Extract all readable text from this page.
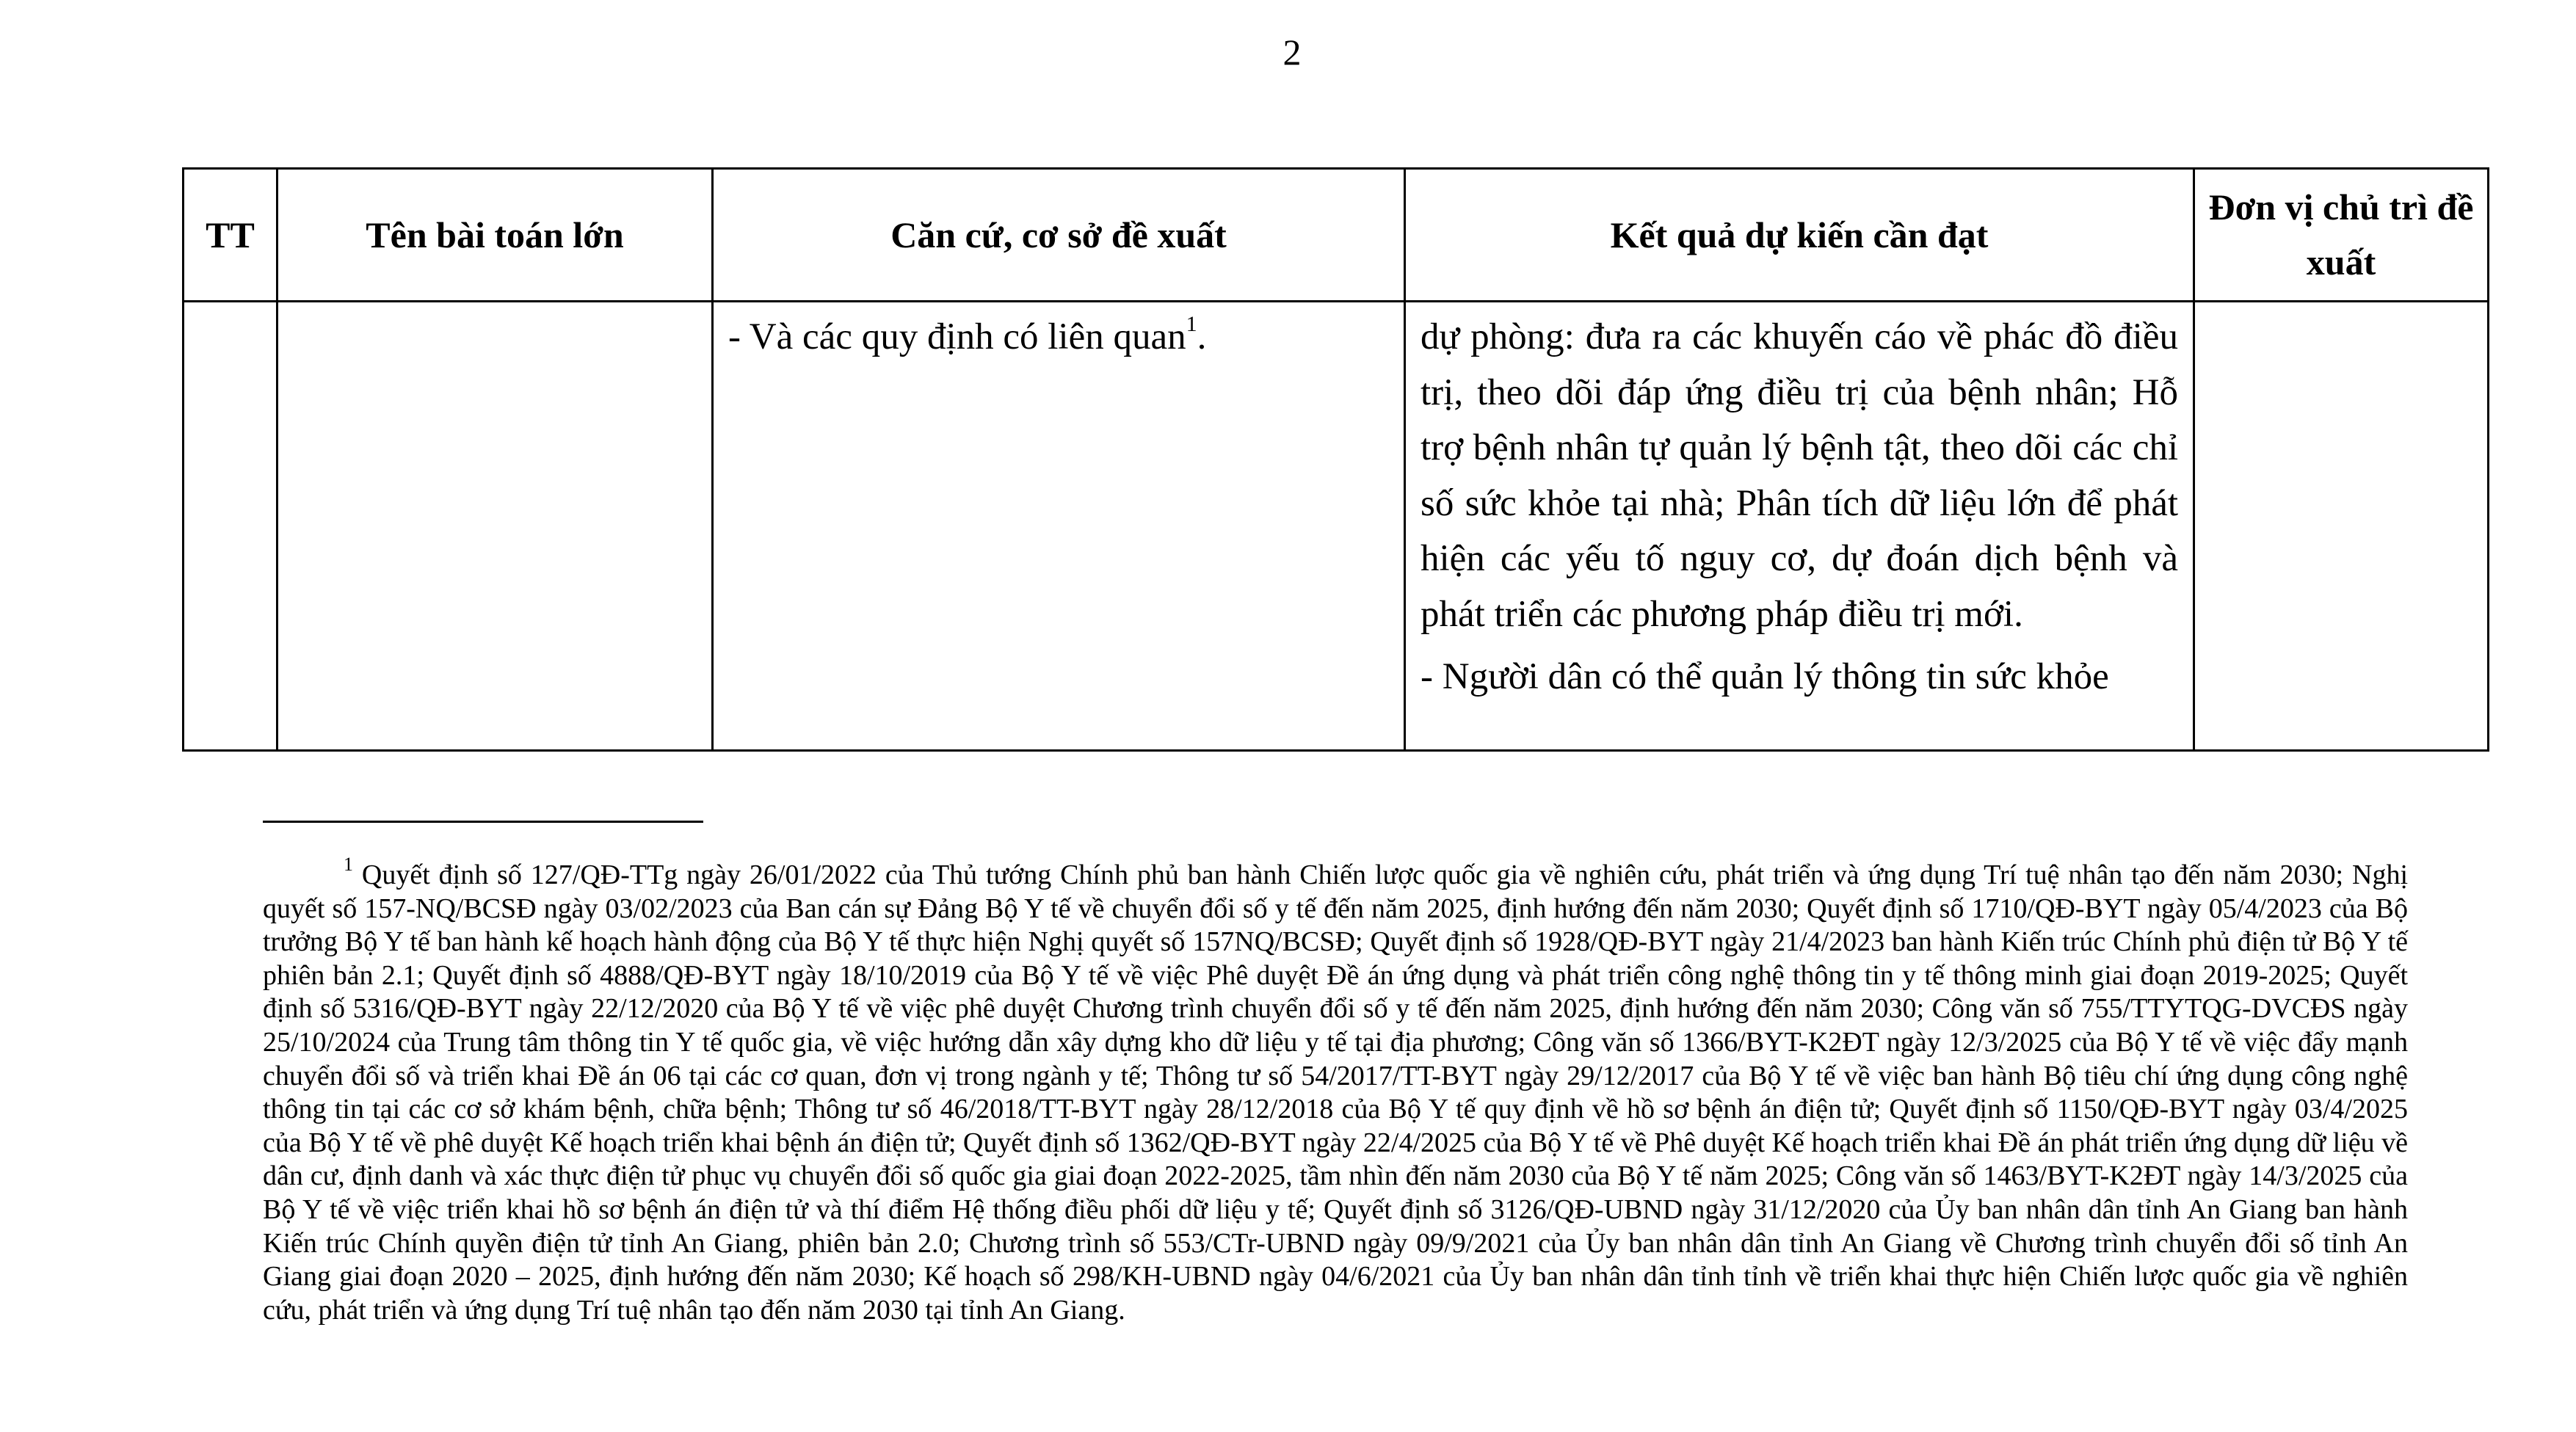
2
TT	Tên bài toán lớn	Căn cứ, cơ sở đề xuất	Kết quả dự kiến cần đạt	Đơn vị chủ trì đề xuất

		- Và các quy định có liên quan$^1$.	dự phòng: đưa ra các khuyến cáo về phác đồ điều trị, theo dõi đáp ứng điều trị của bệnh nhân; Hỗ trợ bệnh nhân tự quản lý bệnh tật, theo dõi các chỉ số sức khỏe tại nhà; Phân tích dữ liệu lớn để phát hiện các yếu tố nguy cơ, dự đoán dịch bệnh và phát triển các phương pháp điều trị mới.

- Người dân có thể quản lý thông tin sức khỏe	

$^1$ Quyết định số 127/QĐ-TTg ngày 26/01/2022 của Thủ tướng Chính phủ ban hành Chiến lược quốc gia về nghiên cứu, phát triển và ứng dụng Trí tuệ nhân tạo đến năm 2030; Nghị quyết số 157-NQ/BCSĐ ngày 03/02/2023 của Ban cán sự Đảng Bộ Y tế về chuyển đổi số y tế đến năm 2025, định hướng đến năm 2030; Quyết định số 1710/QĐ-BYT ngày 05/4/2023 của Bộ trưởng Bộ Y tế ban hành kế hoạch hành động của Bộ Y tế thực hiện Nghị quyết số 157NQ/BCSĐ; Quyết định số 1928/QĐ-BYT ngày 21/4/2023 ban hành Kiến trúc Chính phủ điện tử Bộ Y tế phiên bản 2.1; Quyết định số 4888/QĐ-BYT ngày 18/10/2019 của Bộ Y tế về việc Phê duyệt Đề án ứng dụng và phát triển công nghệ thông tin y tế thông minh giai đoạn 2019-2025; Quyết định số 5316/QĐ-BYT ngày 22/12/2020 của Bộ Y tế về việc phê duyệt Chương trình chuyển đổi số y tế đến năm 2025, định hướng đến năm 2030; Công văn số 755/TTYTQG-DVCĐS ngày 25/10/2024 của Trung tâm thông tin Y tế quốc gia, về việc hướng dẫn xây dựng kho dữ liệu y tế tại địa phương; Công văn số 1366/BYT-K2ĐT ngày 12/3/2025 của Bộ Y tế về việc đẩy mạnh chuyển đổi số và triển khai Đề án 06 tại các cơ quan, đơn vị trong ngành y tế; Thông tư số 54/2017/TT-BYT ngày 29/12/2017 của Bộ Y tế về việc ban hành Bộ tiêu chí ứng dụng công nghệ thông tin tại các cơ sở khám bệnh, chữa bệnh; Thông tư số 46/2018/TT-BYT ngày 28/12/2018 của Bộ Y tế quy định về hồ sơ bệnh án điện tử; Quyết định số 1150/QĐ-BYT ngày 03/4/2025 của Bộ Y tế về phê duyệt Kế hoạch triển khai bệnh án điện tử; Quyết định số 1362/QĐ-BYT ngày 22/4/2025 của Bộ Y tế về Phê duyệt Kế hoạch triển khai Đề án phát triển ứng dụng dữ liệu về dân cư, định danh và xác thực điện tử phục vụ chuyển đổi số quốc gia giai đoạn 2022-2025, tầm nhìn đến năm 2030 của Bộ Y tế năm 2025; Công văn số 1463/BYT-K2ĐT ngày 14/3/2025 của Bộ Y tế về việc triển khai hồ sơ bệnh án điện tử và thí điểm Hệ thống điều phối dữ liệu y tế; Quyết định số 3126/QĐ-UBND ngày 31/12/2020 của Ủy ban nhân dân tỉnh An Giang ban hành Kiến trúc Chính quyền điện tử tỉnh An Giang, phiên bản 2.0; Chương trình số 553/CTr-UBND ngày 09/9/2021 của Ủy ban nhân dân tỉnh An Giang về Chương trình chuyển đổi số tỉnh An Giang giai đoạn 2020 – 2025, định hướng đến năm 2030; Kế hoạch số 298/KH-UBND ngày 04/6/2021 của Ủy ban nhân dân tỉnh tỉnh về triển khai thực hiện Chiến lược quốc gia về nghiên cứu, phát triển và ứng dụng Trí tuệ nhân tạo đến năm 2030 tại tỉnh An Giang.
